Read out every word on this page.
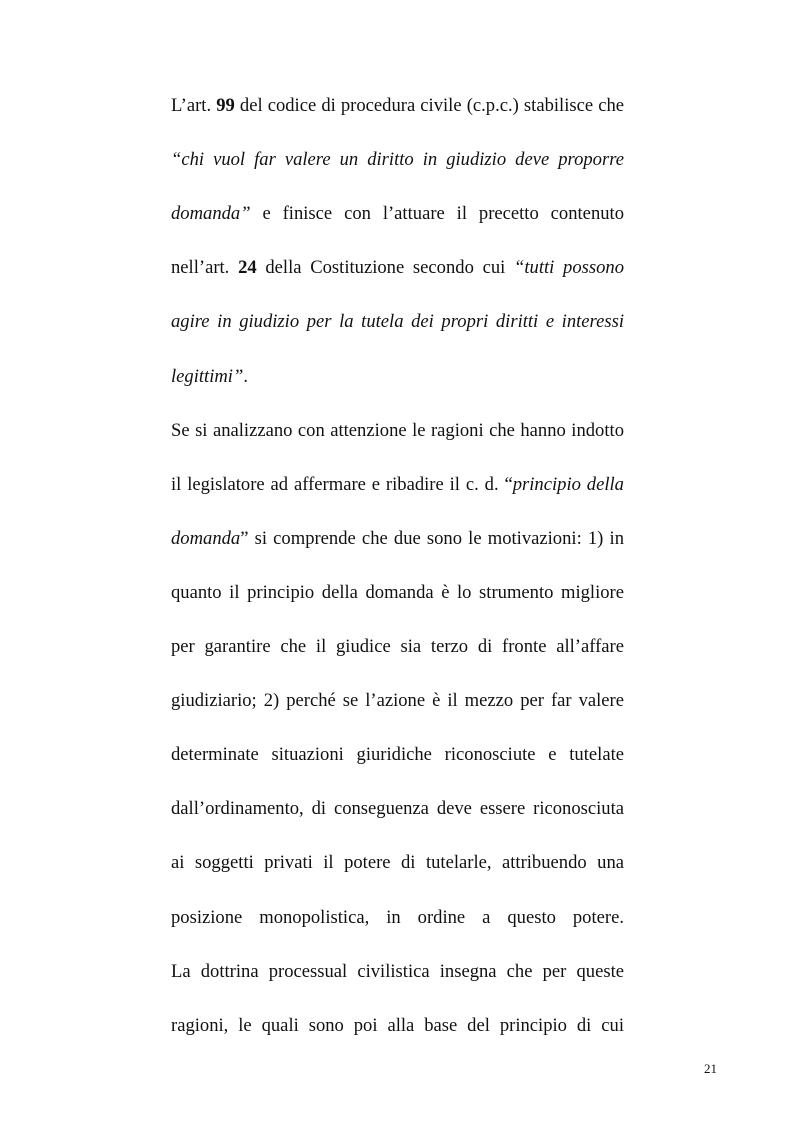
L’art. 99 del codice di procedura civile (c.p.c.) stabilisce che
“chi vuol far valere un diritto in giudizio deve proporre
domanda” e finisce con l’attuare il precetto contenuto
nell’art. 24 della Costituzione secondo cui “tutti possono
agire in giudizio per la tutela dei propri diritti e interessi
legittimi”.
Se si analizzano con attenzione le ragioni che hanno indotto
il legislatore ad affermare e ribadire il c. d. “principio della
domanda” si comprende che due sono le motivazioni: 1) in
quanto il principio della domanda è lo strumento migliore
per garantire che il giudice sia terzo di fronte all’affare
giudiziario; 2) perché se l’azione è il mezzo per far valere
determinate situazioni giuridiche riconosciute e tutelate
dall’ordinamento, di conseguenza deve essere riconosciuta
ai soggetti privati il potere di tutelarle, attribuendo una
posizione monopolistica, in ordine a questo potere.
La dottrina processual civilistica insegna che per queste
ragioni, le quali sono poi alla base del principio di cui
21
